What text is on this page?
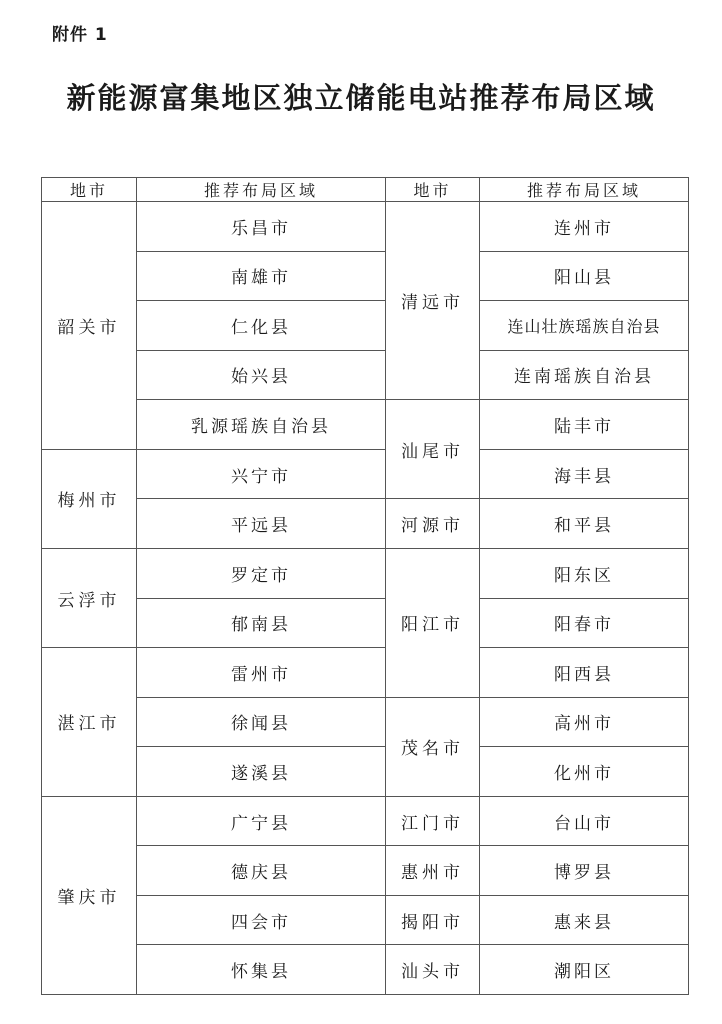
附件 1
新能源富集地区独立储能电站推荐布局区域
地市	推荐布局区域	地市	推荐布局区域
韶关市	乐昌市	清远市	连州市
	南雄市		阳山县
	仁化县		连山壮族瑶族自治县
	始兴县		连南瑶族自治县
	乳源瑶族自治县	汕尾市	陆丰市
梅州市	兴宁市		海丰县
	平远县	河源市	和平县
云浮市	罗定市	阳江市	阳东区
	郁南县		阳春市
湛江市	雷州市		阳西县
	徐闻县	茂名市	高州市
	遂溪县		化州市
肇庆市	广宁县	江门市	台山市
	德庆县	惠州市	博罗县
	四会市	揭阳市	惠来县
	怀集县	汕头市	潮阳区
